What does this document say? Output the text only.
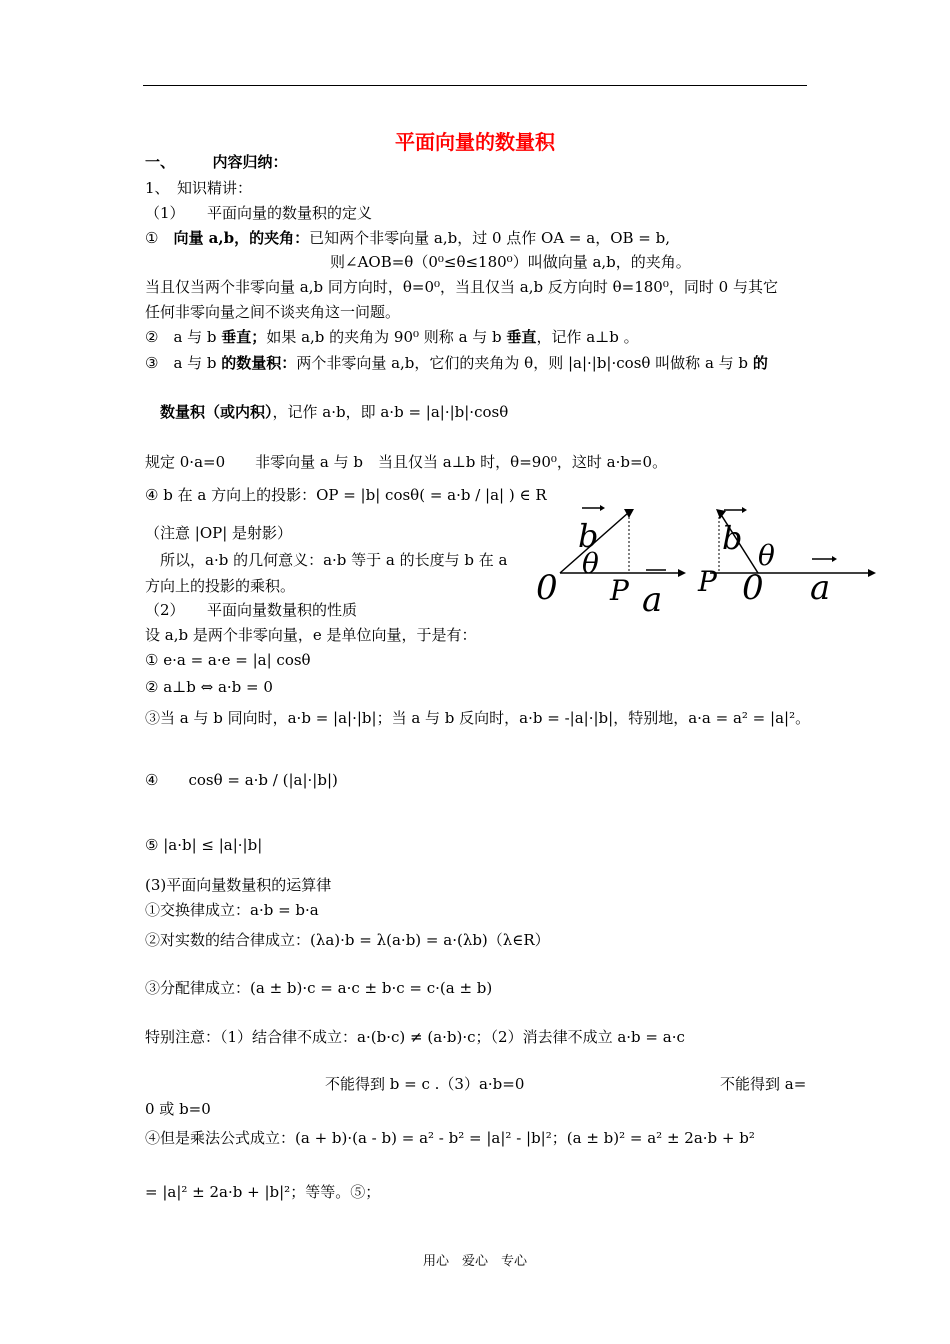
平面向量的数量积
一、　　　内容归纳：
1、　知识精讲：
（1）　　平面向量的数量积的定义
①　向量 a,b，的夹角：已知两个非零向量 a,b，过 0 点作 OA = a，OB = b,
则∠AOB=θ（0⁰≤θ≤180⁰）叫做向量 a,b，的夹角。
当且仅当两个非零向量 a,b 同方向时，θ=0⁰，当且仅当 a,b 反方向时 θ=180⁰，同时 0 与其它
任何非零向量之间不谈夹角这一问题。
②　a 与 b 垂直；如果 a,b 的夹角为 90⁰ 则称 a 与 b 垂直，记作 a⊥b 。
③　a 与 b 的数量积：两个非零向量 a,b，它们的夹角为 θ，则 |a|·|b|·cosθ 叫做称 a 与 b 的
数量积（或内积），记作 a·b，即 a·b = |a|·|b|·cosθ
规定 0·a=0　　非零向量 a 与 b　当且仅当 a⊥b 时，θ=90⁰，这时 a·b=0。
④ b 在 a 方向上的投影：OP = |b| cosθ( = a·b / |a| ) ∈ R
（注意 |OP| 是射影）
所以，a·b 的几何意义：a·b 等于 a 的长度与 b 在 a
方向上的投影的乘积。
b
θ
0 P a
b θ
P 0 a
（2）　　平面向量数量积的性质
设 a,b 是两个非零向量，e 是单位向量，于是有：
① e·a = a·e = |a| cosθ
② a⊥b ⇔ a·b = 0
③当 a 与 b 同向时，a·b = |a|·|b|；当 a 与 b 反向时，a·b = -|a|·|b|，特别地，a·a = a² = |a|²。
④　　cosθ = a·b / (|a|·|b|)
⑤ |a·b| ≤ |a|·|b|
(3)平面向量数量积的运算律
①交换律成立：a·b = b·a
②对实数的结合律成立：(λa)·b = λ(a·b) = a·(λb)（λ∈R）
③分配律成立：(a ± b)·c = a·c ± b·c = c·(a ± b)
特别注意：（1）结合律不成立：a·(b·c) ≠ (a·b)·c；（2）消去律不成立 a·b = a·c
不能得到 b = c .（3）a·b=0	不能得到 a=
0 或 b=0
④但是乘法公式成立：(a + b)·(a - b) = a² - b² = |a|² - |b|²；(a ± b)² = a² ± 2a·b + b²
= |a|² ± 2a·b + |b|²；等等。⑤；
用心　爱心　专心
